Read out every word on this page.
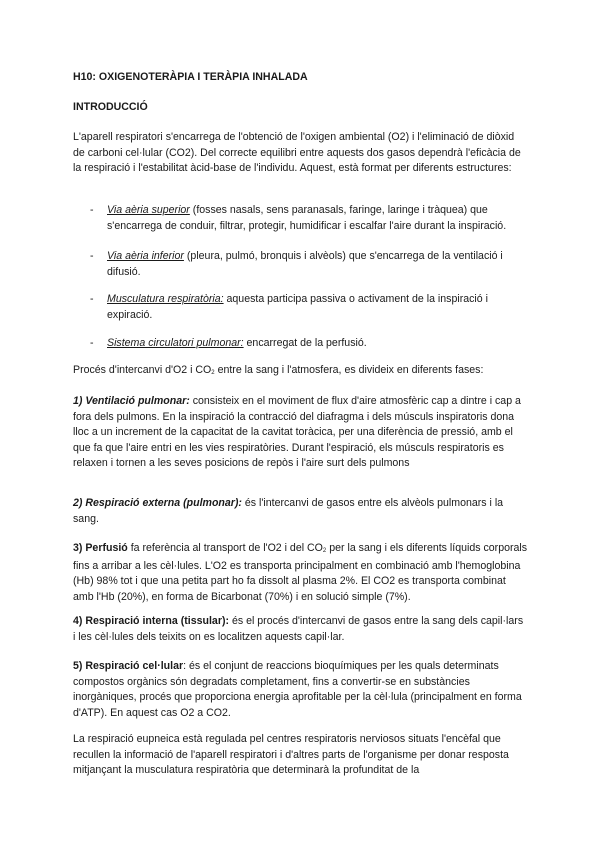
H10: OXIGENOTERÀPIA I TERÀPIA INHALADA

INTRODUCCIÓ

L'aparell respiratori s'encarrega de l'obtenció de l'oxigen ambiental (O2) i l'eliminació de diòxid de carboni cel·lular (CO2). Del correcte equilibri entre aquests dos gasos dependrà l'eficàcia de la respiració i l'estabilitat àcid-base de l'individu. Aquest, està format per diferents estructures:

- Via aèria superior (fosses nasals, sens paranasals, faringe, laringe i tràquea) que s'encarrega de conduir, filtrar, protegir, humidificar i escalfar l'aire durant la inspiració.
- Via aèria inferior (pleura, pulmó, bronquis i alvèols) que s'encarrega de la ventilació i difusió.
- Musculatura respiratòria: aquesta participa passiva o activament de la inspiració i expiració.
- Sistema circulatori pulmonar: encarregat de la perfusió.

Procés d'intercanvi d'O2 i $CO_2$ entre la sang i l'atmosfera, es divideix en diferents fases:

1) Ventilació pulmonar: consisteix en el moviment de flux d'aire atmosfèric cap a dintre i cap a fora dels pulmons. En la inspiració la contracció del diafragma i dels músculs inspiratoris dona lloc a un increment de la capacitat de la cavitat toràcica, per una diferència de pressió, amb el que fa que l'aire entri en les vies respiratòries. Durant l'espiració, els músculs respiratoris es relaxen i tornen a les seves posicions de repòs i l'aire surt dels pulmons

2) Respiració externa (pulmonar): és l'intercanvi de gasos entre els alvèols pulmonars i la sang.

3) Perfusió fa referència al transport de l'O2 i del $CO_2$ per la sang i els diferents líquids corporals fins a arribar a les cèl·lules. L'O2 es transporta principalment en combinació amb l'hemoglobina (Hb) 98% tot i que una petita part ho fa dissolt al plasma 2%. El CO2 es transporta combinat amb l'Hb (20%), en forma de Bicarbonat (70%) i en solució simple (7%).

4) Respiració interna (tissular): és el procés d'intercanvi de gasos entre la sang dels capil·lars i les cèl·lules dels teixits on es localitzen aquests capil·lar.

5) Respiració cel·lular: és el conjunt de reaccions bioquímiques per les quals determinats compostos orgànics són degradats completament, fins a convertir-se en substàncies inorgàniques, procés que proporciona energia aprofitable per la cèl·lula (principalment en forma d'ATP). En aquest cas O2 a CO2.

La respiració eupneica està regulada pel centres respiratoris nerviosos situats l'encèfal que recullen la informació de l'aparell respiratori i d'altres parts de l'organisme per donar resposta mitjançant la musculatura respiratòria que determinarà la profunditat de la
